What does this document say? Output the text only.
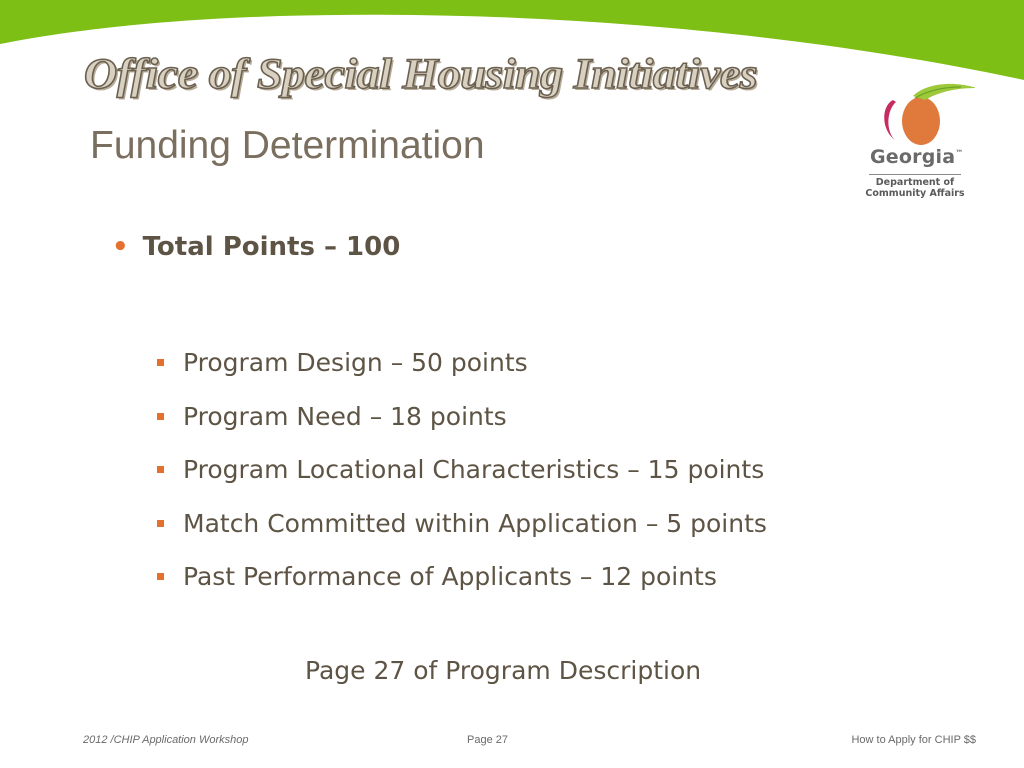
Office of Special Housing Initiatives
Funding Determination	Georgia™
Department of
Community Affairs
• Total Points – 100
Program Design – 50 points
Program Need – 18 points
Program Locational Characteristics – 15 points
Match Committed within Application – 5 points
Past Performance of Applicants – 12 points
Page 27 of Program Description
2012 /CHIP Application Workshop	Page 27	How to Apply for CHIP $$
